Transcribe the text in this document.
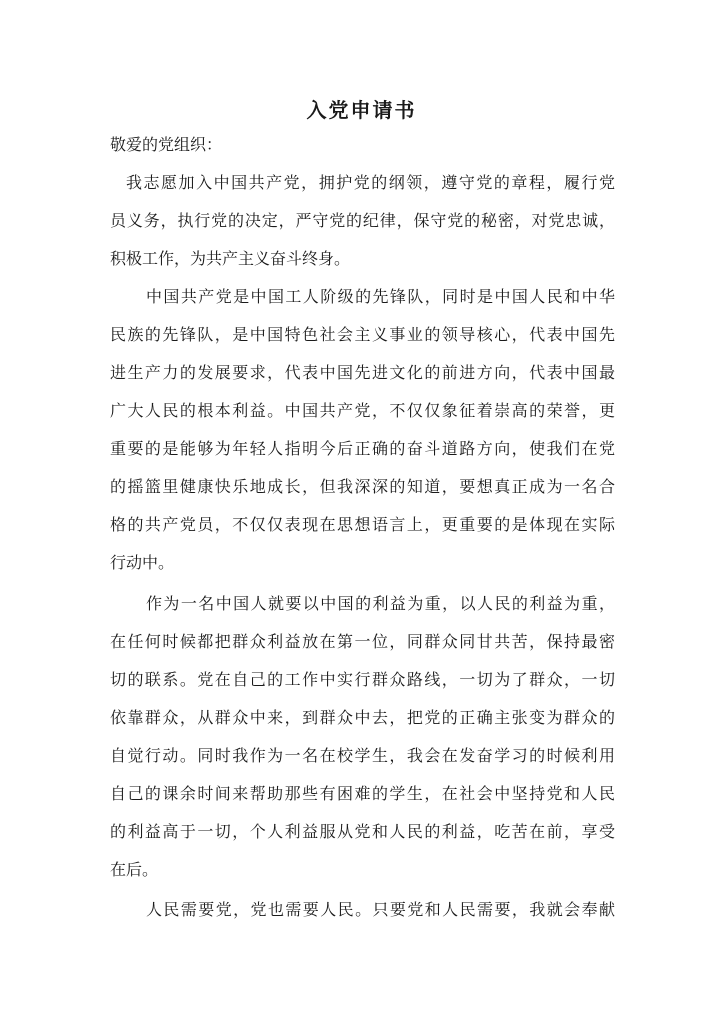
入党申请书

敬爱的党组织：

我志愿加入中国共产党，拥护党的纲领，遵守党的章程，履行党

员义务，执行党的决定，严守党的纪律，保守党的秘密，对党忠诚，

积极工作，为共产主义奋斗终身。

中国共产党是中国工人阶级的先锋队，同时是中国人民和中华

民族的先锋队，是中国特色社会主义事业的领导核心，代表中国先

进生产力的发展要求，代表中国先进文化的前进方向，代表中国最

广大人民的根本利益。中国共产党，不仅仅象征着崇高的荣誉，更

重要的是能够为年轻人指明今后正确的奋斗道路方向，使我们在党

的摇篮里健康快乐地成长，但我深深的知道，要想真正成为一名合

格的共产党员，不仅仅表现在思想语言上，更重要的是体现在实际

行动中。

作为一名中国人就要以中国的利益为重，以人民的利益为重，

在任何时候都把群众利益放在第一位，同群众同甘共苦，保持最密

切的联系。党在自己的工作中实行群众路线，一切为了群众，一切

依靠群众，从群众中来，到群众中去，把党的正确主张变为群众的

自觉行动。同时我作为一名在校学生，我会在发奋学习的时候利用

自己的课余时间来帮助那些有困难的学生，在社会中坚持党和人民

的利益高于一切，个人利益服从党和人民的利益，吃苦在前，享受

在后。

人民需要党，党也需要人民。只要党和人民需要，我就会奉献
